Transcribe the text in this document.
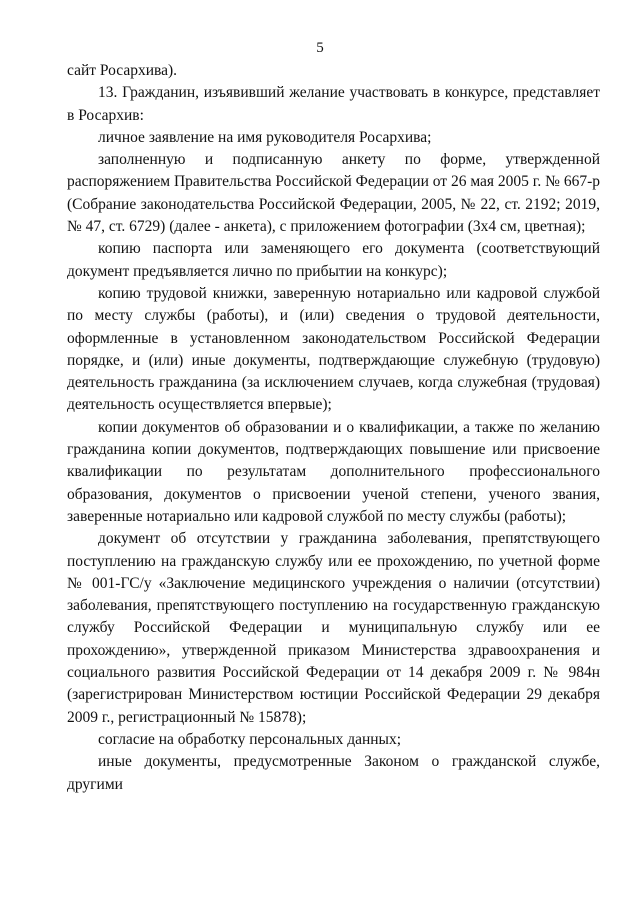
5

сайт Росархива).

13. Гражданин, изъявивший желание участвовать в конкурсе, представляет в Росархив:

личное заявление на имя руководителя Росархива;

заполненную и подписанную анкету по форме, утвержденной распоряжением Правительства Российской Федерации от 26 мая 2005 г. № 667-р (Собрание законодательства Российской Федерации, 2005, № 22, ст. 2192; 2019, № 47, ст. 6729) (далее - анкета), с приложением фотографии (3х4 см, цветная);

копию паспорта или заменяющего его документа (соответствующий документ предъявляется лично по прибытии на конкурс);

копию трудовой книжки, заверенную нотариально или кадровой службой по месту службы (работы), и (или) сведения о трудовой деятельности, оформленные в установленном законодательством Российской Федерации порядке, и (или) иные документы, подтверждающие служебную (трудовую) деятельность гражданина (за исключением случаев, когда служебная (трудовая) деятельность осуществляется впервые);

копии документов об образовании и о квалификации, а также по желанию гражданина копии документов, подтверждающих повышение или присвоение квалификации по результатам дополнительного профессионального образования, документов о присвоении ученой степени, ученого звания, заверенные нотариально или кадровой службой по месту службы (работы);

документ об отсутствии у гражданина заболевания, препятствующего поступлению на гражданскую службу или ее прохождению, по учетной форме № 001-ГС/у «Заключение медицинского учреждения о наличии (отсутствии) заболевания, препятствующего поступлению на государственную гражданскую службу Российской Федерации и муниципальную службу или ее прохождению», утвержденной приказом Министерства здравоохранения и социального развития Российской Федерации от 14 декабря 2009 г. № 984н (зарегистрирован Министерством юстиции Российской Федерации 29 декабря 2009 г., регистрационный № 15878);

согласие на обработку персональных данных;

иные документы, предусмотренные Законом о гражданской службе, другими
